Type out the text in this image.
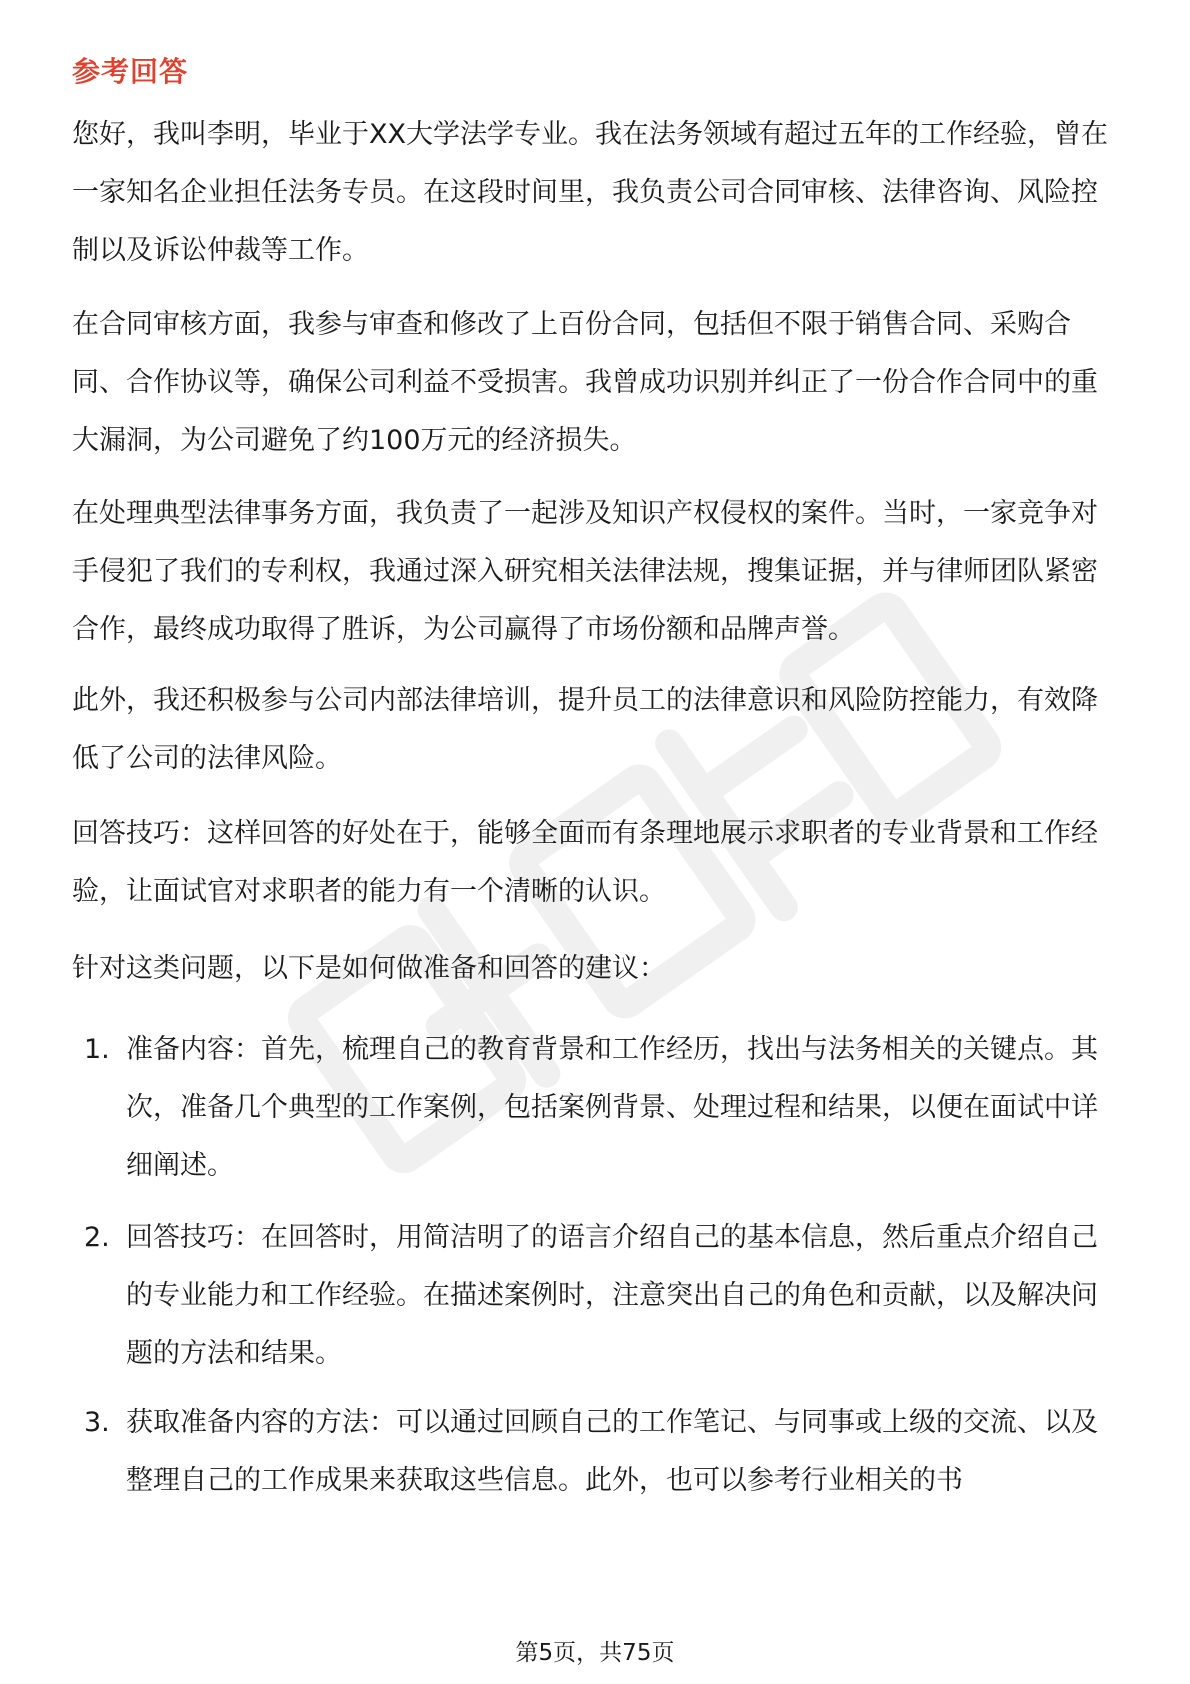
参考回答

您好，我叫李明，毕业于XX大学法学专业。我在法务领域有超过五年的工作经验，曾在一家知名企业担任法务专员。在这段时间里，我负责公司合同审核、法律咨询、风险控制以及诉讼仲裁等工作。

在合同审核方面，我参与审查和修改了上百份合同，包括但不限于销售合同、采购合同、合作协议等，确保公司利益不受损害。我曾成功识别并纠正了一份合作合同中的重大漏洞，为公司避免了约100万元的经济损失。

在处理典型法律事务方面，我负责了一起涉及知识产权侵权的案件。当时，一家竞争对手侵犯了我们的专利权，我通过深入研究相关法律法规，搜集证据，并与律师团队紧密合作，最终成功取得了胜诉，为公司赢得了市场份额和品牌声誉。

此外，我还积极参与公司内部法律培训，提升员工的法律意识和风险防控能力，有效降低了公司的法律风险。

回答技巧：这样回答的好处在于，能够全面而有条理地展示求职者的专业背景和工作经验，让面试官对求职者的能力有一个清晰的认识。

针对这类问题，以下是如何做准备和回答的建议：

1. 准备内容：首先，梳理自己的教育背景和工作经历，找出与法务相关的关键点。其次，准备几个典型的工作案例，包括案例背景、处理过程和结果，以便在面试中详细阐述。
2. 回答技巧：在回答时，用简洁明了的语言介绍自己的基本信息，然后重点介绍自己的专业能力和工作经验。在描述案例时，注意突出自己的角色和贡献，以及解决问题的方法和结果。
3. 获取准备内容的方法：可以通过回顾自己的工作笔记、与同事或上级的交流、以及整理自己的工作成果来获取这些信息。此外，也可以参考行业相关的书
第5页，共75页
